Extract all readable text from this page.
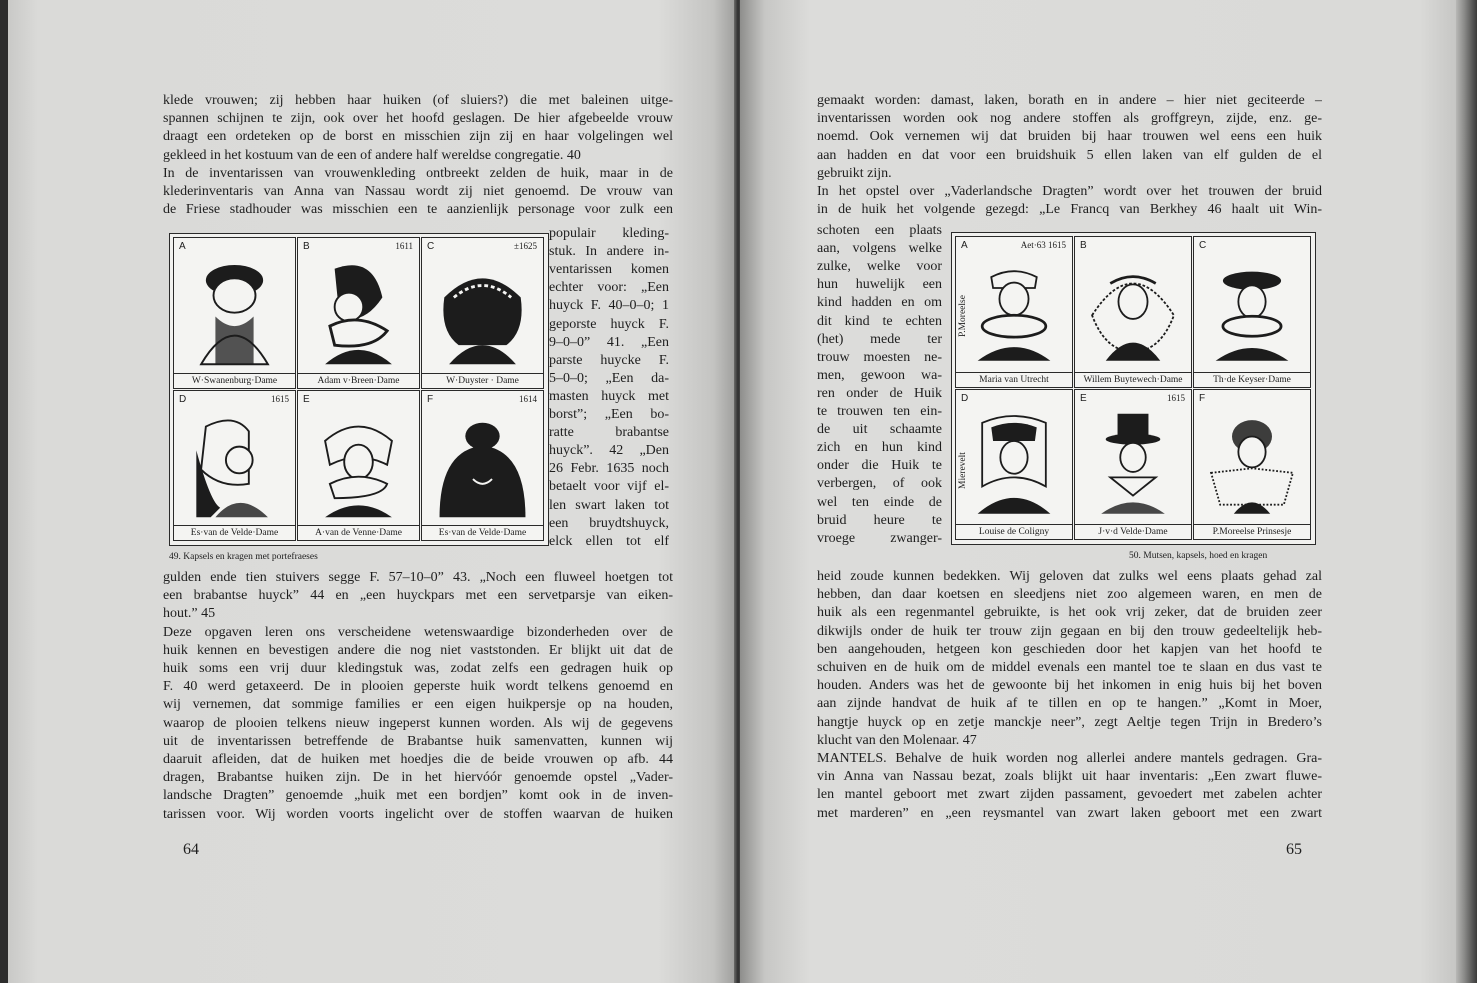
klede vrouwen; zij hebben haar huiken (of sluiers?) die met baleinen uitge-
spannen schijnen te zijn, ook over het hoofd geslagen. De hier afgebeelde vrouw
draagt een ordeteken op de borst en misschien zijn zij en haar volgelingen wel
gekleed in het kostuum van de een of andere half wereldse congregatie. 40
In de inventarissen van vrouwenkleding ontbreekt zelden de huik, maar in de
klederinventaris van Anna van Nassau wordt zij niet genoemd. De vrouw van
de Friese stadhouder was misschien een te aanzienlijk personage voor zulk een
populair kleding-
stuk. In andere in-
ventarissen komen
echter voor: „Een
huyck F. 40–0–0; 1
geporste huyck F.
9–0–0” 41. „Een
parste huycke F.
5–0–0; „Een da-
masten huyck met
borst”; „Een bo-
ratte brabantse
huyck”. 42 „Den
26 Febr. 1635 noch
betaelt voor vijf el-
len swart laken tot
een bruydtshuyck,
elck ellen tot elf
gulden ende tien stuivers segge F. 57–10–0” 43. „Noch een fluweel hoetgen tot
een brabantse huyck” 44 en „een huyckpars met een servetparsje van eiken-
hout.” 45
Deze opgaven leren ons verscheidene wetenswaardige bizonderheden over de
huik kennen en bevestigen andere die nog niet vaststonden. Er blijkt uit dat de
huik soms een vrij duur kledingstuk was, zodat zelfs een gedragen huik op
F. 40 werd getaxeerd. De in plooien geperste huik wordt telkens genoemd en
wij vernemen, dat sommige families er een eigen huikpersje op na houden,
waarop de plooien telkens nieuw ingeperst kunnen worden. Als wij de gegevens
uit de inventarissen betreffende de Brabantse huik samenvatten, kunnen wij
daaruit afleiden, dat de huiken met hoedjes die de beide vrouwen op afb. 44
dragen, Brabantse huiken zijn. De in het hiervóór genoemde opstel „Vader-
landsche Dragten” genoemde „huik met een bordjen” komt ook in de inven-
tarissen voor. Wij worden voorts ingelicht over de stoffen waarvan de huiken
A
W·Swanenburg·Dame
B	1611
Adam v·Breen·Dame
C	±1625
W·Duyster · Dame
D	1615
Es·van de Velde·Dame
E
A·van de Venne·Dame
F	1614
Es·van de Velde·Dame
49. Kapsels en kragen met portefraeses
64
gemaakt worden: damast, laken, borath en in andere – hier niet geciteerde –
inventarissen worden ook nog andere stoffen als groffgreyn, zijde, enz. ge-
noemd. Ook vernemen wij dat bruiden bij haar trouwen wel eens een huik
aan hadden en dat voor een bruidshuik 5 ellen laken van elf gulden de el
gebruikt zijn.
In het opstel over „Vaderlandsche Dragten” wordt over het trouwen der bruid
in de huik het volgende gezegd: „Le Francq van Berkhey 46 haalt uit Win-
schoten een plaats
aan, volgens welke
zulke, welke voor
hun huwelijk een
kind hadden en om
dit kind te echten
(het) mede ter
trouw moesten ne-
men, gewoon wa-
ren onder de Huik
te trouwen ten ein-
de uit schaamte
zich en hun kind
onder die Huik te
verbergen, of ook
wel ten einde de
bruid heure te
vroege zwanger-
heid zoude kunnen bedekken. Wij geloven dat zulks wel eens plaats gehad zal
hebben, dan daar koetsen en sleedjens niet zoo algemeen waren, en men de
huik als een regenmantel gebruikte, is het ook vrij zeker, dat de bruiden zeer
dikwijls onder de huik ter trouw zijn gegaan en bij den trouw gedeeltelijk heb-
ben aangehouden, hetgeen kon geschieden door het kapjen van het hoofd te
schuiven en de huik om de middel evenals een mantel toe te slaan en dus vast te
houden. Anders was het de gewoonte bij het inkomen in enig huis bij het boven
aan zijnde handvat de huik af te tillen en op te hangen.” „Komt in Moer,
hangtje huyck op en zetje manckje neer”, zegt Aeltje tegen Trijn in Bredero’s
klucht van den Molenaar. 47
MANTELS. Behalve de huik worden nog allerlei andere mantels gedragen. Gra-
vin Anna van Nassau bezat, zoals blijkt uit haar inventaris: „Een zwart fluwe-
len mantel geboort met zwart zijden passament, gevoedert met zabelen achter
met marderen” en „een reysmantel van zwart laken geboort met een zwart
A	Aet·63 1615
P.Moreelse
Maria van Utrecht
B
Willem Buytewech·Dame
C
Th·de Keyser·Dame
D
Mierevelt
Louise de Coligny
E	1615
J·v·d Velde·Dame
F
P.Moreelse Prinsesje
50. Mutsen, kapsels, hoed en kragen
65
